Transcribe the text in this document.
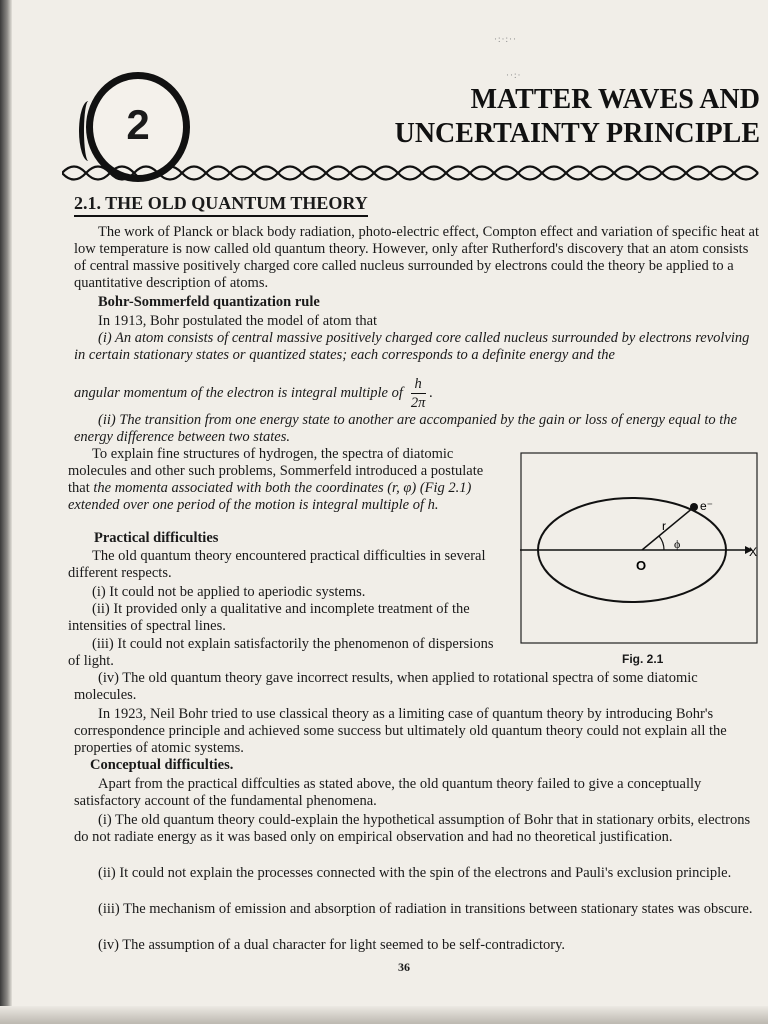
·:·:··
··:·
2
MATTER WAVES AND
UNCERTAINTY PRINCIPLE
2.1. THE OLD QUANTUM THEORY

The work of Planck or black body radiation, photo-electric effect, Compton effect and variation of specific heat at low temperature is now called old quantum theory. However, only after Rutherford's discovery that an atom consists of central massive positively charged core called nucleus surrounded by electrons could the theory be applied to a quantitative description of atoms.

Bohr-Sommerfeld quantization rule

In 1913, Bohr postulated the model of atom that

(i) An atom consists of central massive positively charged core called nucleus surrounded by electrons revolving in certain stationary states or quantized states; each corresponds to a definite energy and the

angular momentum of the electron is integral multiple of $\frac{h}{2\pi}$ .

(ii) The transition from one energy state to another are accompanied by the gain or loss of energy equal to the energy difference between two states.

To explain fine structures of hydrogen, the spectra of diatomic molecules and other such problems, Sommerfeld introduced a postulate that the momenta associated with both the coordinates (r, φ) (Fig 2.1) extended over one period of the motion is integral multiple of h.

Practical difficulties

The old quantum theory encountered practical difficulties in several different respects.

(i) It could not be applied to aperiodic systems.

(ii) It provided only a qualitative and incomplete treatment of the intensities of spectral lines.

(iii) It could not explain satisfactorily the phenomenon of dispersions of light.

(iv) The old quantum theory gave incorrect results, when applied to rotational spectra of some diatomic molecules.

In 1923, Neil Bohr tried to use classical theory as a limiting case of quantum theory by introducing Bohr's correspondence principle and achieved some success but ultimately old quantum theory could not explain all the properties of atomic systems.

Conceptual difficulties.

Apart from the practical diffculties as stated above, the old quantum theory failed to give a conceptually satisfactory account of the fundamental phenomena.

(i) The old quantum theory could-explain the hypothetical assumption of Bohr that in stationary orbits, electrons do not radiate energy as it was based only on empirical observation and had no theoretical justification.

(ii) It could not explain the processes connected with the spin of the electrons and Pauli's exclusion principle.

(iii) The mechanism of emission and absorption of radiation in transitions between stationary states was obscure.

(iv) The assumption of a dual character for light seemed to be self-contradictory.

r
e⁻
ϕ
O
X
Fig. 2.1
36
